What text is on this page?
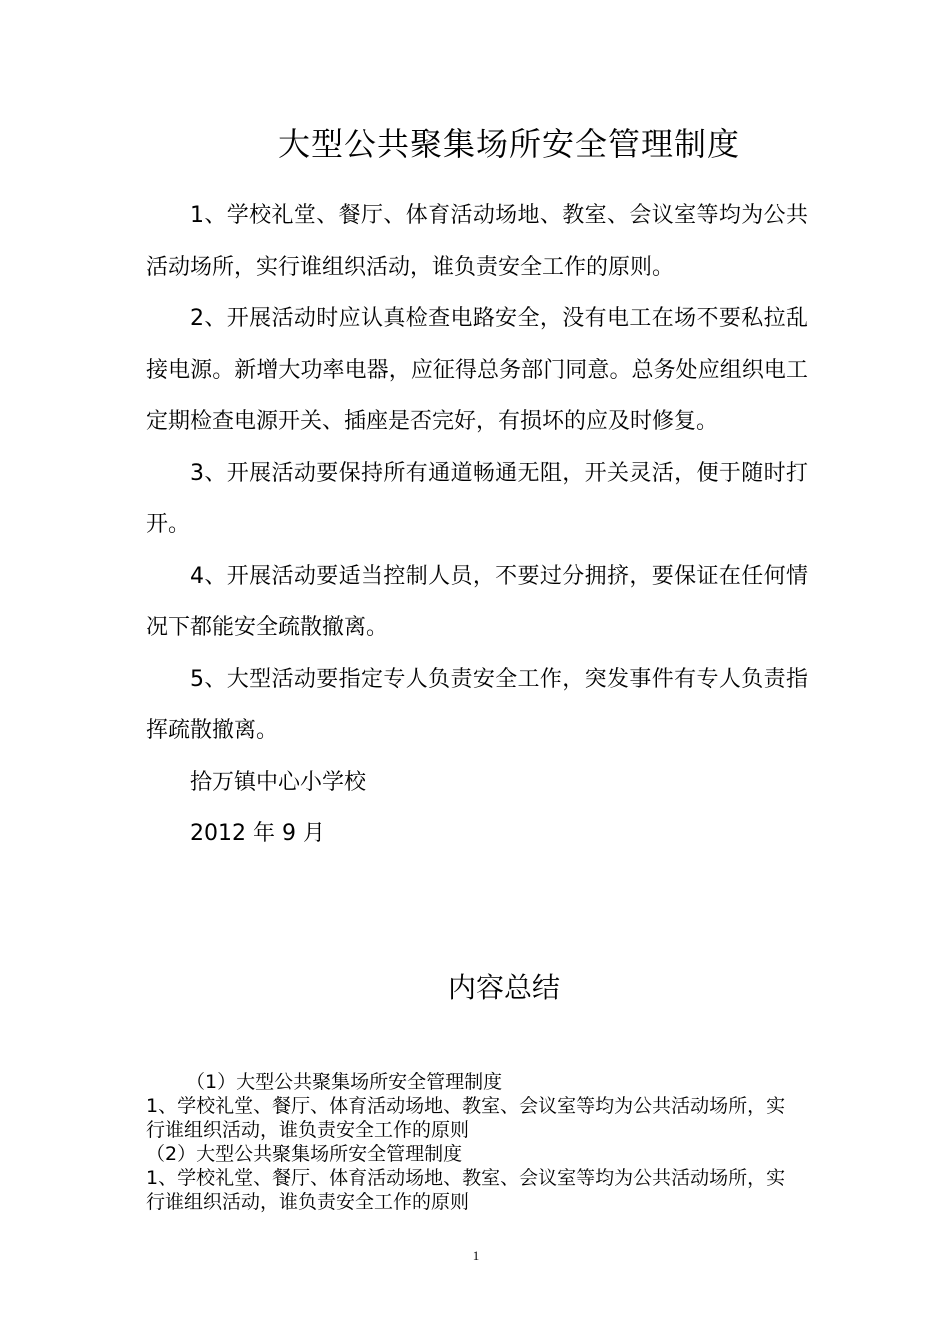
大型公共聚集场所安全管理制度

1、学校礼堂、餐厅、体育活动场地、教室、会议室等均为公共活动场所，实行谁组织活动，谁负责安全工作的原则。

2、开展活动时应认真检查电路安全，没有电工在场不要私拉乱接电源。新增大功率电器，应征得总务部门同意。总务处应组织电工定期检查电源开关、插座是否完好，有损坏的应及时修复。

3、开展活动要保持所有通道畅通无阻，开关灵活，便于随时打开。

4、开展活动要适当控制人员，不要过分拥挤，要保证在任何情况下都能安全疏散撤离。

5、大型活动要指定专人负责安全工作，突发事件有专人负责指挥疏散撤离。

拾万镇中心小学校

2012 年 9 月

内容总结
（1）大型公共聚集场所安全管理制度
1、学校礼堂、餐厅、体育活动场地、教室、会议室等均为公共活动场所，实行谁组织活动，谁负责安全工作的原则
（2）大型公共聚集场所安全管理制度
1、学校礼堂、餐厅、体育活动场地、教室、会议室等均为公共活动场所，实行谁组织活动，谁负责安全工作的原则
1
